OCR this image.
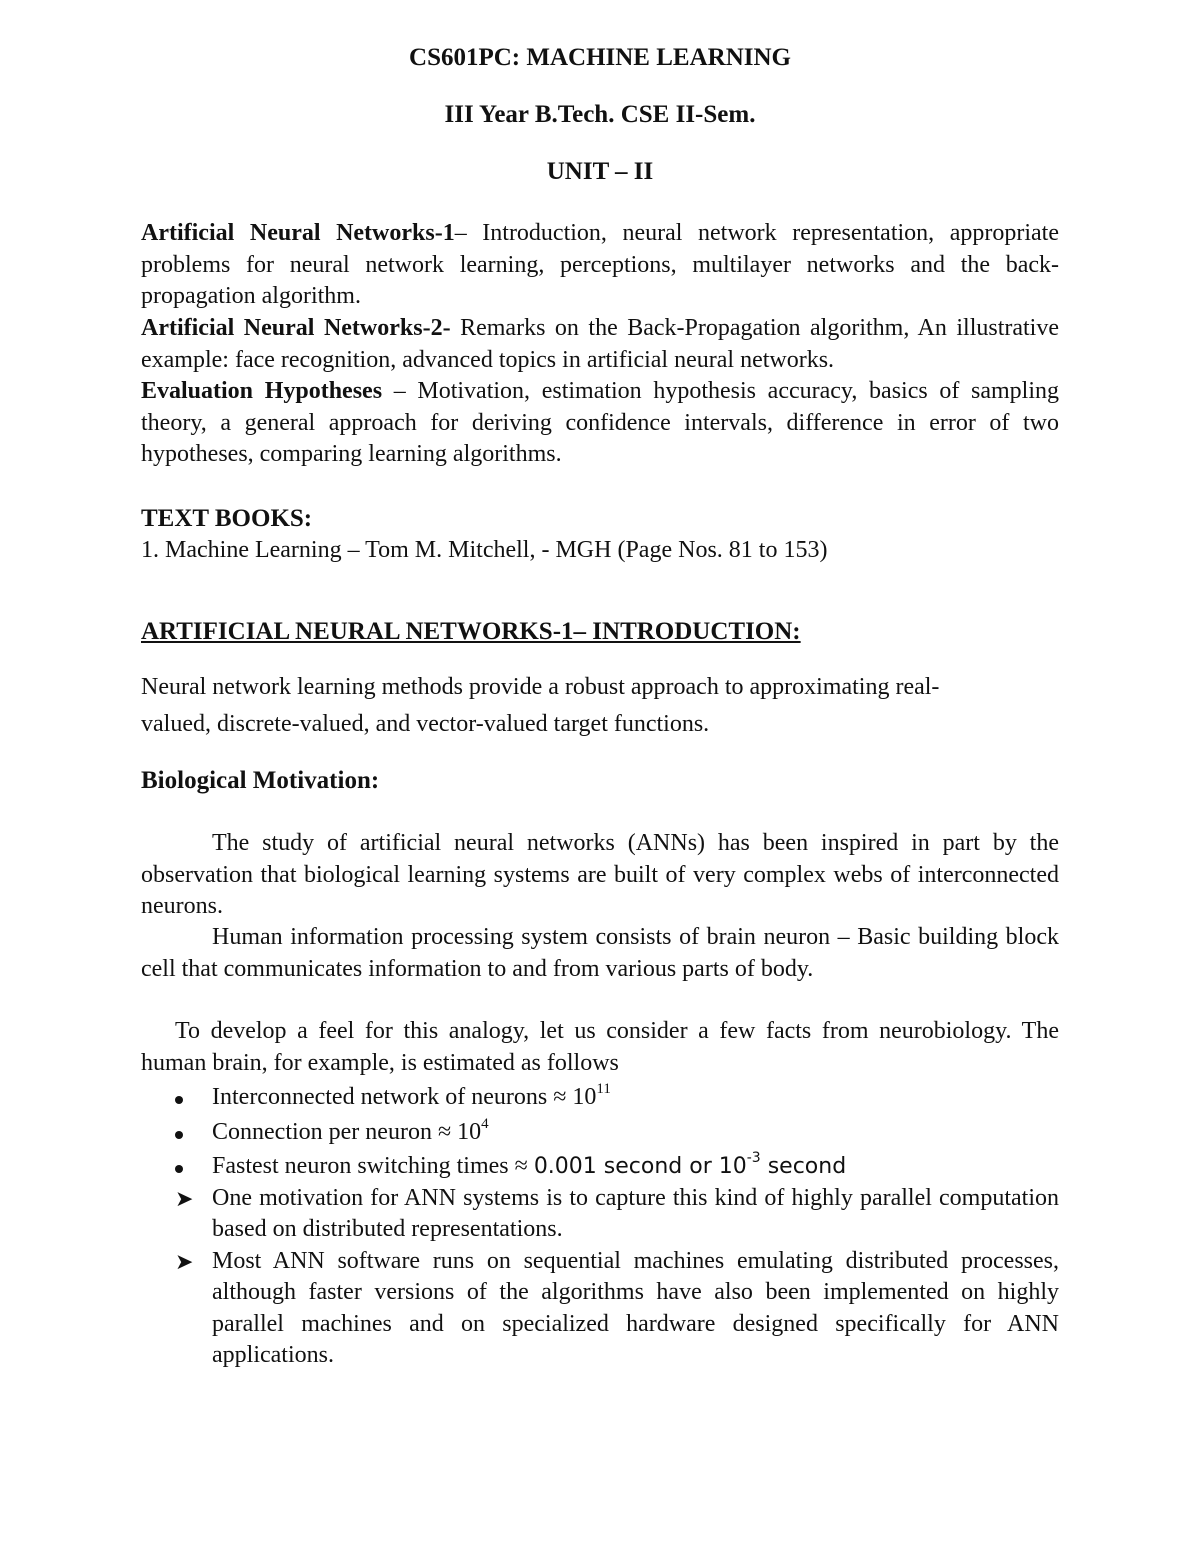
CS601PC: MACHINE LEARNING
III Year B.Tech. CSE II-Sem.
UNIT – II
Artificial Neural Networks-1– Introduction, neural network representation, appropriate problems for neural network learning, perceptions, multilayer networks and the back-propagation algorithm.
Artificial Neural Networks-2- Remarks on the Back-Propagation algorithm, An illustrative example: face recognition, advanced topics in artificial neural networks.
Evaluation Hypotheses – Motivation, estimation hypothesis accuracy, basics of sampling theory, a general approach for deriving confidence intervals, difference in error of two hypotheses, comparing learning algorithms.
TEXT BOOKS:
1. Machine Learning – Tom M. Mitchell, - MGH (Page Nos. 81 to 153)
ARTIFICIAL NEURAL NETWORKS-1– INTRODUCTION:
Neural network learning methods provide a robust approach to approximating real-
valued, discrete-valued, and vector-valued target functions.
Biological Motivation:
The study of artificial neural networks (ANNs) has been inspired in part by the observation that biological learning systems are built of very complex webs of interconnected neurons.
Human information processing system consists of brain neuron – Basic building block cell that communicates information to and from various parts of body.
To develop a feel for this analogy, let us consider a few facts from neurobiology. The human brain, for example, is estimated as follows
Interconnected network of neurons ≈ $10^{11}$
Connection per neuron ≈ $10^4$
Fastest neuron switching times ≈ 0.001 second or $10^{-3}$ second
➤ One motivation for ANN systems is to capture this kind of highly parallel computation based on distributed representations.
➤ Most ANN software runs on sequential machines emulating distributed processes, although faster versions of the algorithms have also been implemented on highly parallel machines and on specialized hardware designed specifically for ANN applications.
